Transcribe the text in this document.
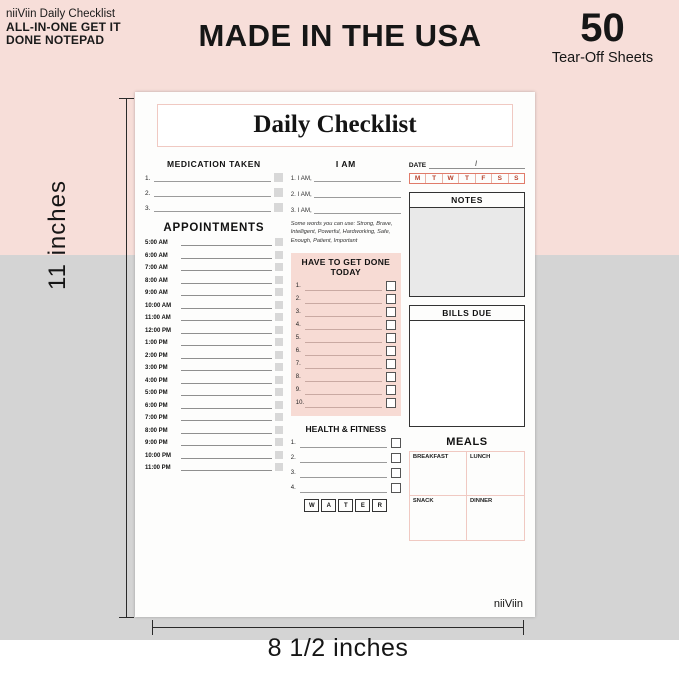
niiViin Daily Checklist
ALL-IN-ONE GET IT DONE NOTEPAD	MADE IN THE USA	50
Tear-Off Sheets
11 inches
8 1/2 inches
Daily Checklist
MEDICATION TAKEN
1.
2.
3.
APPOINTMENTS
5:00 AM
6:00 AM
7:00 AM
8:00 AM
9:00 AM
10:00 AM
11:00 AM
12:00 PM
1:00 PM
2:00 PM
3:00 PM
4:00 PM
5:00 PM
6:00 PM
7:00 PM
8:00 PM
9:00 PM
10:00 PM
11:00 PM
I AM
1. I AM,
2. I AM,
3. I AM,
Some words you can use: Strong, Brave, Intelligent, Powerful, Hardworking, Safe, Enough, Patient, Important
HAVE TO GET DONE TODAY
1.
2.
3.
4.
5.
6.
7.
8.
9.
10.
HEALTH & FITNESS
1.
2.
3.
4.
W	A	T	E	R
DATE
/
M	T	W	T	F	S	S
NOTES
BILLS DUE
MEALS
BREAKFAST	LUNCH
SNACK	DINNER
niiViin
